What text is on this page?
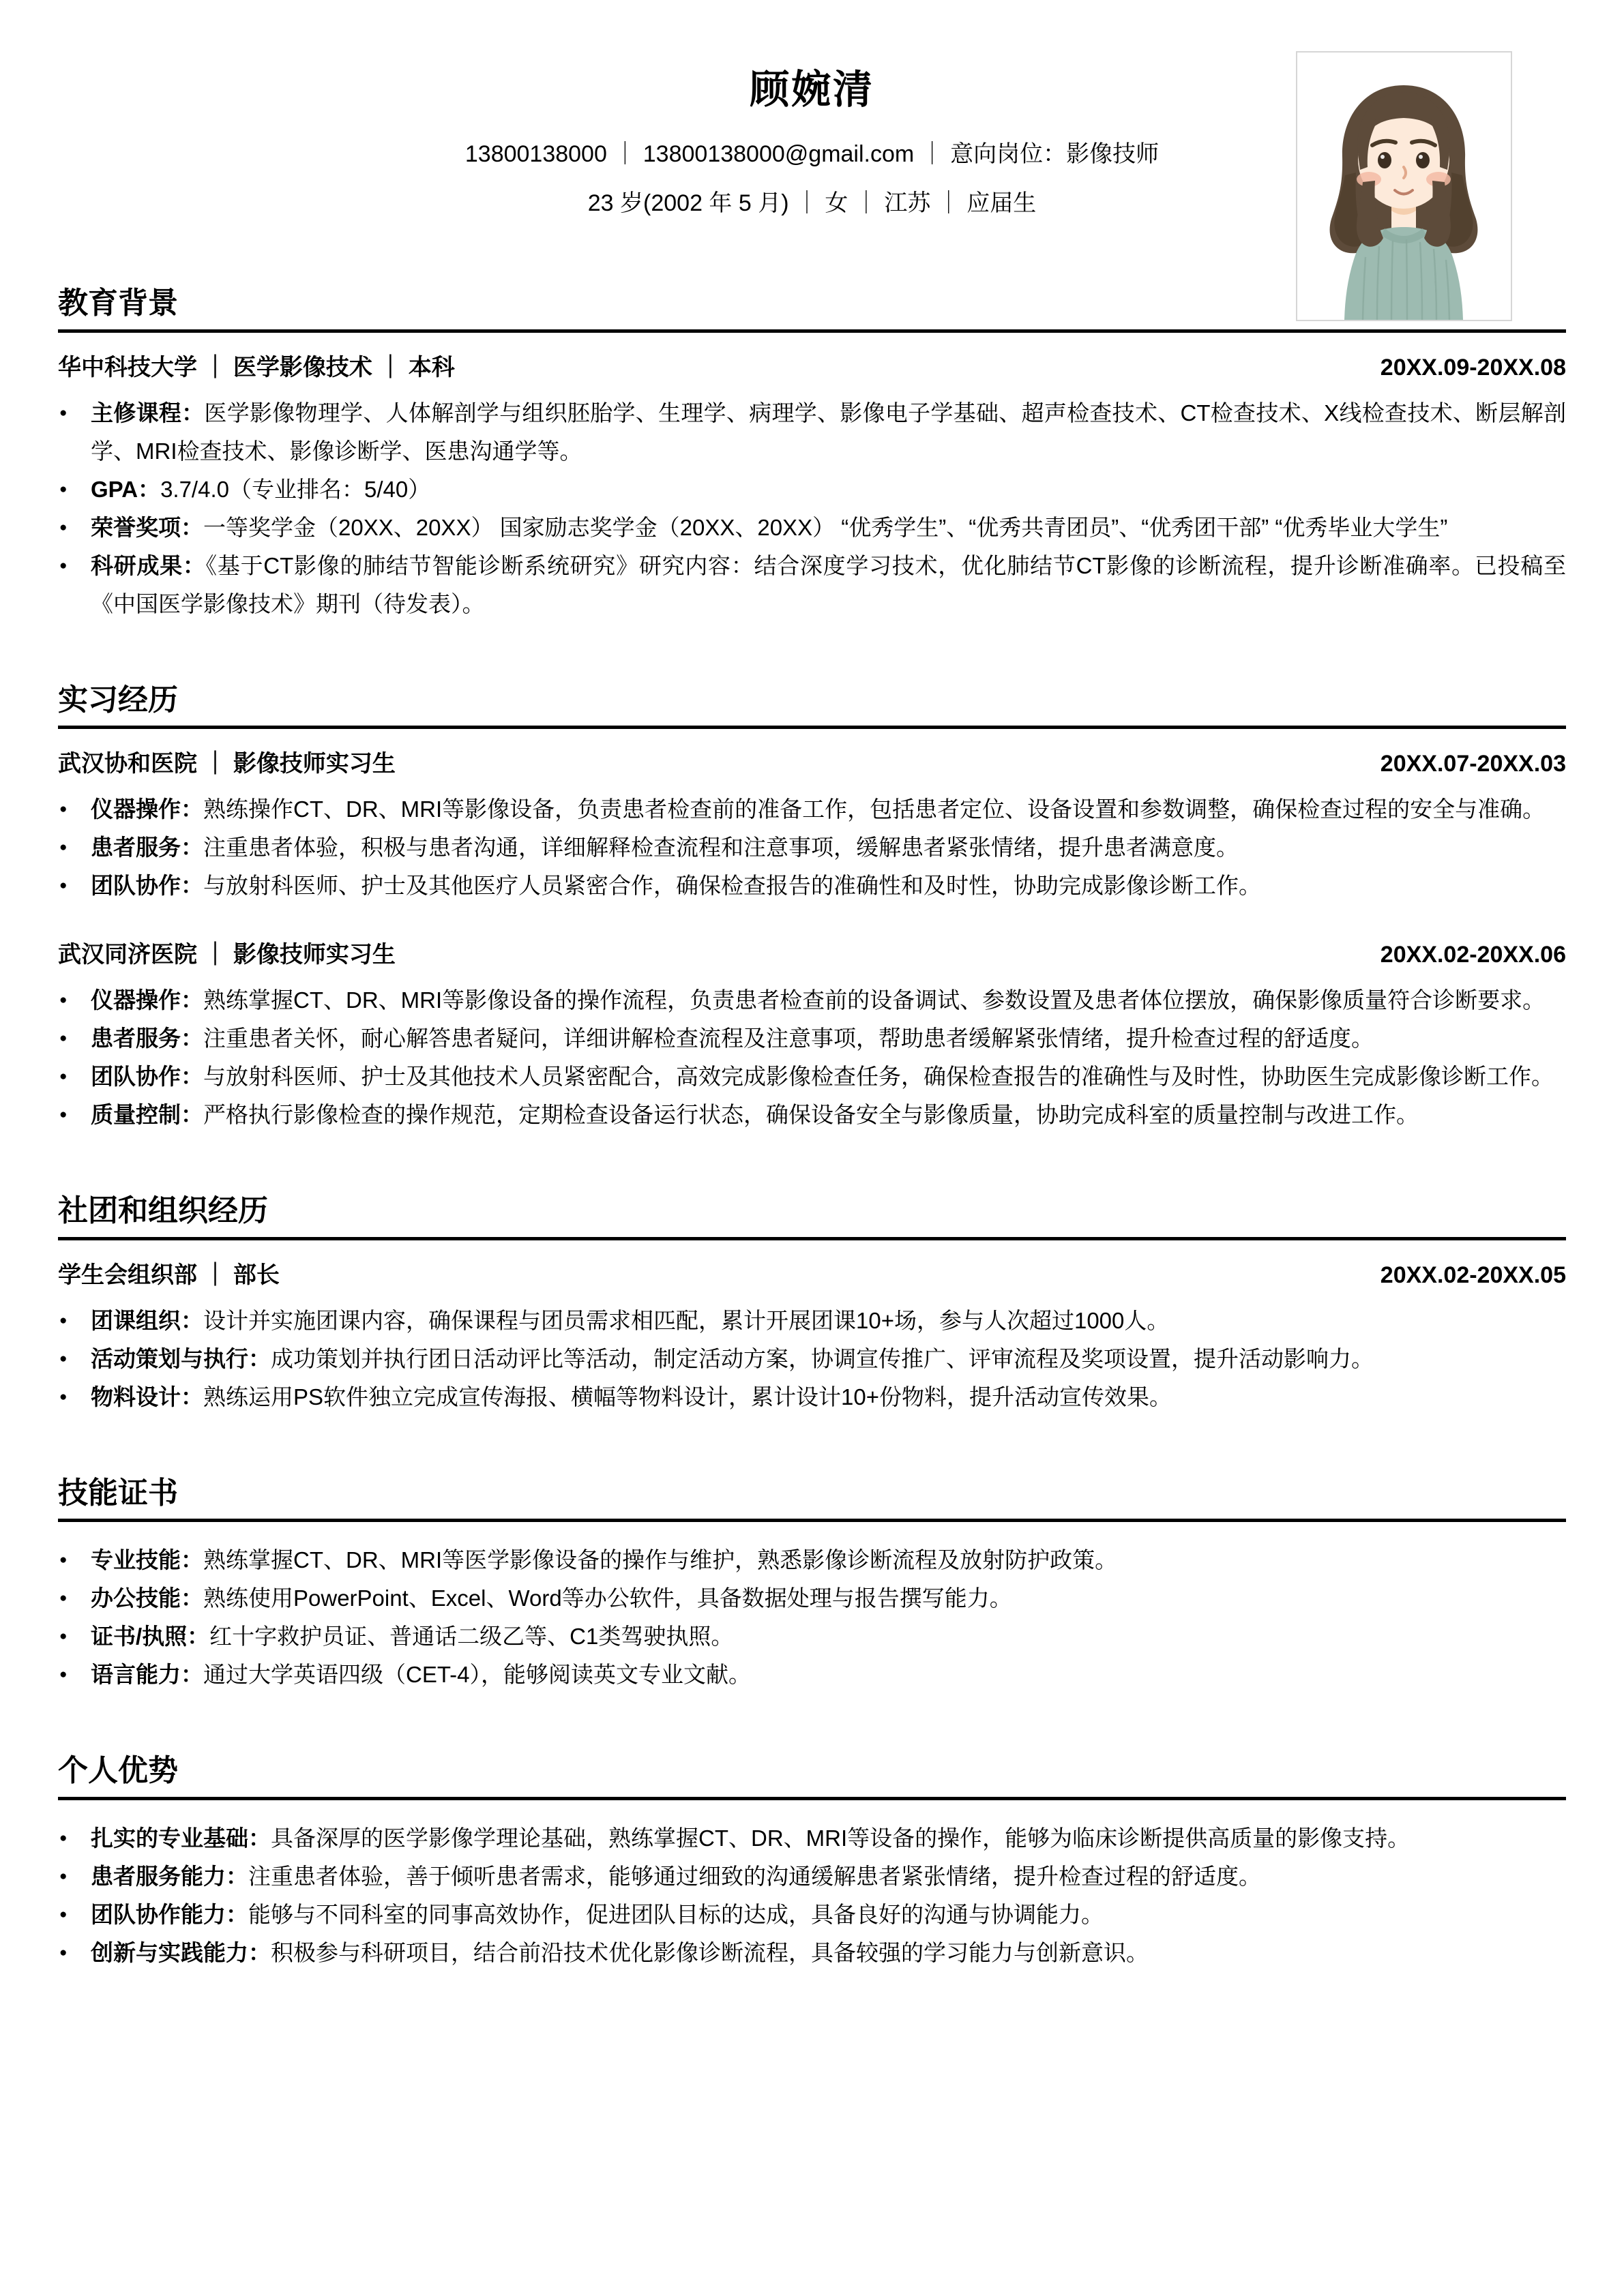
顾婉清
13800138000 ｜ 13800138000@gmail.com ｜ 意向岗位：影像技师
23 岁(2002 年 5 月) ｜ 女 ｜ 江苏 ｜ 应届生
教育背景
华中科技大学 ｜ 医学影像技术 ｜ 本科	20XX.09-20XX.08
● 主修课程：医学影像物理学、人体解剖学与组织胚胎学、生理学、病理学、影像电子学基础、超声检查技术、CT检查技术、X线检查技术、断层解剖学、MRI检查技术、影像诊断学、医患沟通学等。
● GPA：3.7/4.0（专业排名：5/40）
● 荣誉奖项：一等奖学金（20XX、20XX） 国家励志奖学金（20XX、20XX） “优秀学生”、“优秀共青团员”、“优秀团干部” “优秀毕业大学生”
● 科研成果：《基于CT影像的肺结节智能诊断系统研究》研究内容：结合深度学习技术，优化肺结节CT影像的诊断流程，提升诊断准确率。已投稿至《中国医学影像技术》期刊（待发表）。
实习经历
武汉协和医院 ｜ 影像技师实习生	20XX.07-20XX.03
● 仪器操作：熟练操作CT、DR、MRI等影像设备，负责患者检查前的准备工作，包括患者定位、设备设置和参数调整，确保检查过程的安全与准确。
● 患者服务：注重患者体验，积极与患者沟通，详细解释检查流程和注意事项，缓解患者紧张情绪，提升患者满意度。
● 团队协作：与放射科医师、护士及其他医疗人员紧密合作，确保检查报告的准确性和及时性，协助完成影像诊断工作。
武汉同济医院 ｜ 影像技师实习生	20XX.02-20XX.06
● 仪器操作：熟练掌握CT、DR、MRI等影像设备的操作流程，负责患者检查前的设备调试、参数设置及患者体位摆放，确保影像质量符合诊断要求。
● 患者服务：注重患者关怀，耐心解答患者疑问，详细讲解检查流程及注意事项，帮助患者缓解紧张情绪，提升检查过程的舒适度。
● 团队协作：与放射科医师、护士及其他技术人员紧密配合，高效完成影像检查任务，确保检查报告的准确性与及时性，协助医生完成影像诊断工作。
● 质量控制：严格执行影像检查的操作规范，定期检查设备运行状态，确保设备安全与影像质量，协助完成科室的质量控制与改进工作。
社团和组织经历
学生会组织部 ｜ 部长	20XX.02-20XX.05
● 团课组织：设计并实施团课内容，确保课程与团员需求相匹配，累计开展团课10+场，参与人次超过1000人。
● 活动策划与执行：成功策划并执行团日活动评比等活动，制定活动方案，协调宣传推广、评审流程及奖项设置，提升活动影响力。
● 物料设计：熟练运用PS软件独立完成宣传海报、横幅等物料设计，累计设计10+份物料，提升活动宣传效果。
技能证书
● 专业技能：熟练掌握CT、DR、MRI等医学影像设备的操作与维护，熟悉影像诊断流程及放射防护政策。
● 办公技能：熟练使用PowerPoint、Excel、Word等办公软件，具备数据处理与报告撰写能力。
● 证书/执照：红十字救护员证、普通话二级乙等、C1类驾驶执照。
● 语言能力：通过大学英语四级（CET-4），能够阅读英文专业文献。
个人优势
● 扎实的专业基础：具备深厚的医学影像学理论基础，熟练掌握CT、DR、MRI等设备的操作，能够为临床诊断提供高质量的影像支持。
● 患者服务能力：注重患者体验，善于倾听患者需求，能够通过细致的沟通缓解患者紧张情绪，提升检查过程的舒适度。
● 团队协作能力：能够与不同科室的同事高效协作，促进团队目标的达成，具备良好的沟通与协调能力。
● 创新与实践能力：积极参与科研项目，结合前沿技术优化影像诊断流程，具备较强的学习能力与创新意识。
